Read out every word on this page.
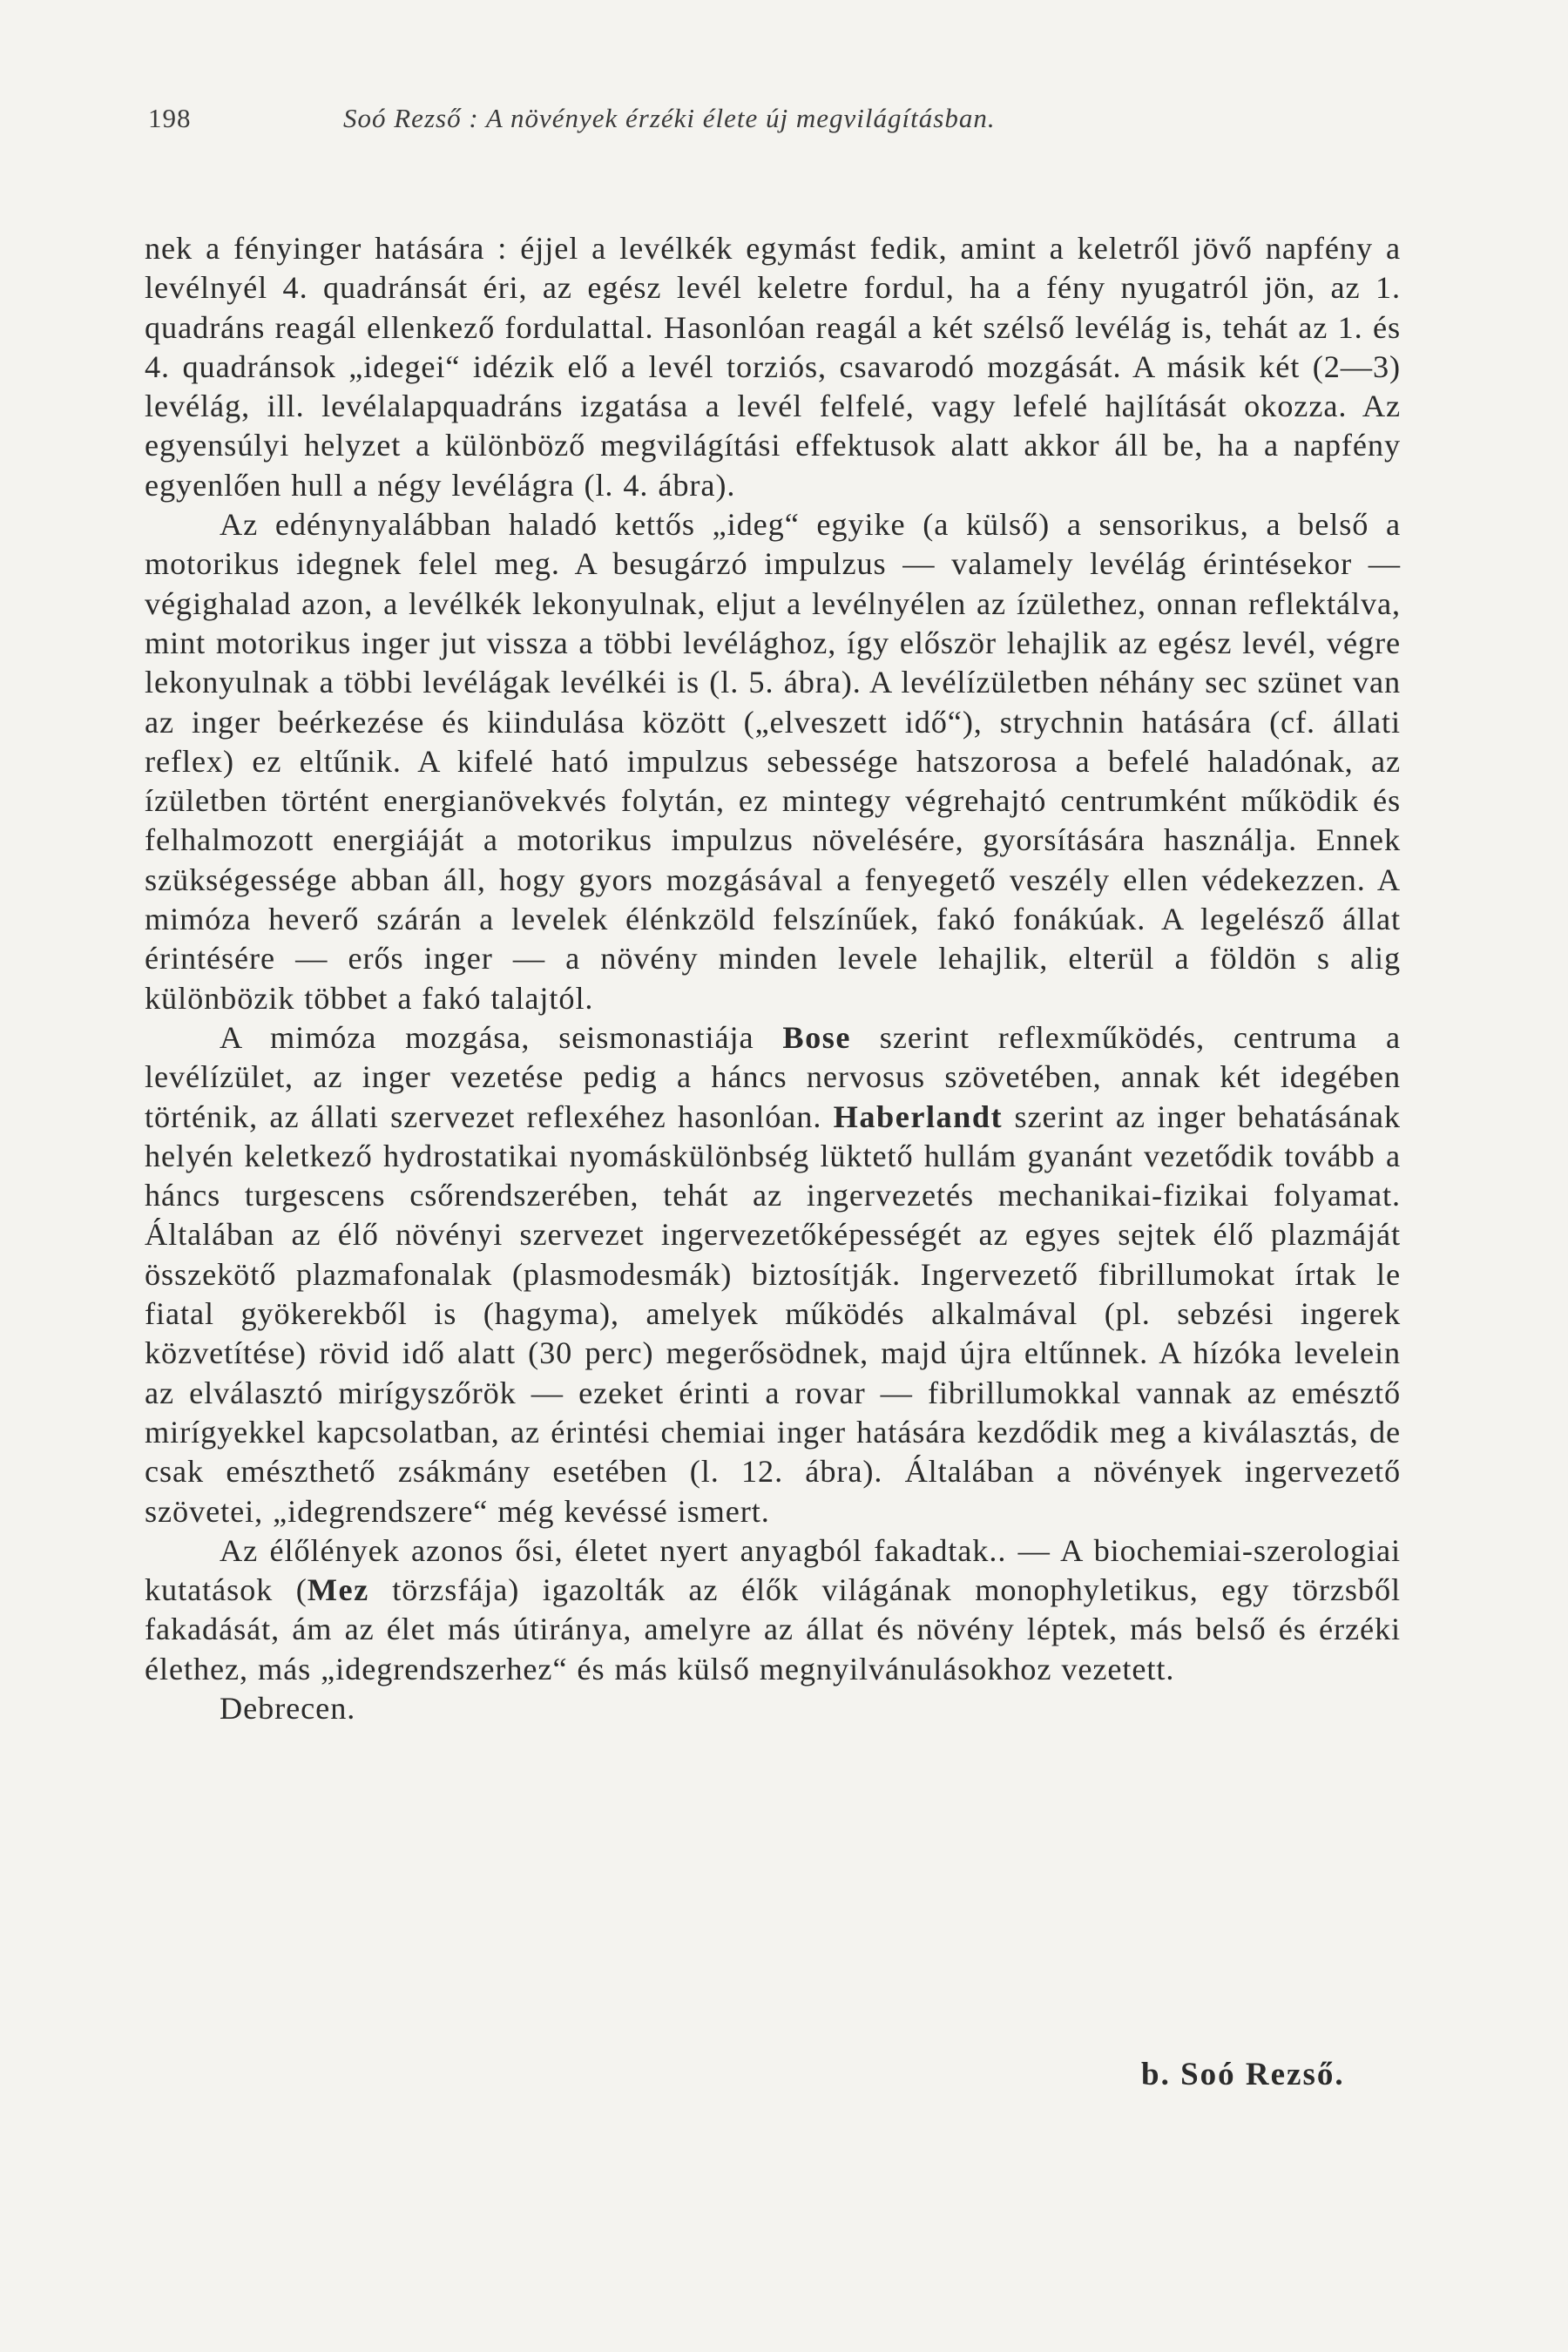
198	Soó Rezső : A növények érzéki élete új megvilágításban.

nek a fényinger hatására : éjjel a levélkék egymást fedik, amint a keletről jövő napfény a levélnyél 4. quadránsát éri, az egész levél keletre fordul, ha a fény nyugatról jön, az 1. quadráns reagál ellenkező fordulattal. Hasonlóan reagál a két szélső levélág is, tehát az 1. és 4. quadránsok „idegei“ idézik elő a levél torziós, csavarodó mozgását. A másik két (2—3) levélág, ill. levélalapquadráns izgatása a levél felfelé, vagy lefelé hajlítását okozza. Az egyensúlyi helyzet a különböző megvilágítási effektusok alatt akkor áll be, ha a napfény egyenlően hull a négy levélágra (l. 4. ábra).

Az edénynyalábban haladó kettős „ideg“ egyike (a külső) a sensorikus, a belső a motorikus idegnek felel meg. A besugárzó impulzus — valamely levélág érintésekor — végighalad azon, a levélkék lekonyulnak, eljut a levélnyélen az ízülethez, onnan reflektálva, mint motorikus inger jut vissza a többi levélághoz, így először lehajlik az egész levél, végre lekonyulnak a többi levélágak levélkéi is (l. 5. ábra). A levélízületben néhány sec szünet van az inger beérkezése és kiindulása között („elveszett idő“), strychnin hatására (cf. állati reflex) ez eltűnik. A kifelé ható impulzus sebessége hatszorosa a befelé haladónak, az ízületben történt energianövekvés folytán, ez mintegy végrehajtó centrumként működik és felhalmozott energiáját a motorikus impulzus növelésére, gyorsítására használja. Ennek szükségessége abban áll, hogy gyors mozgásával a fenyegető veszély ellen védekezzen. A mimóza heverő szárán a levelek élénkzöld felszínűek, fakó fonákúak. A legelésző állat érintésére — erős inger — a növény minden levele lehajlik, elterül a földön s alig különbözik többet a fakó talajtól.

A mimóza mozgása, seismonastiája Bose szerint reflexműködés, centruma a levélízület, az inger vezetése pedig a háncs nervosus szövetében, annak két idegében történik, az állati szervezet reflexéhez hasonlóan. Haberlandt szerint az inger behatásának helyén keletkező hydrostatikai nyomáskülönbség lüktető hullám gyanánt vezetődik tovább a háncs turgescens csőrendszerében, tehát az ingervezetés mechanikai-fizikai folyamat. Általában az élő növényi szervezet ingervezetőképességét az egyes sejtek élő plazmáját összekötő plazmafonalak (plasmodesmák) biztosítják. Ingervezető fibrillumokat írtak le fiatal gyökerekből is (hagyma), amelyek működés alkalmával (pl. sebzési ingerek közvetítése) rövid idő alatt (30 perc) megerősödnek, majd újra eltűnnek. A hízóka levelein az elválasztó mirígyszőrök — ezeket érinti a rovar — fibrillumokkal vannak az emésztő mirígyekkel kapcsolatban, az érintési chemiai inger hatására kezdődik meg a kiválasztás, de csak emészthető zsákmány esetében (l. 12. ábra). Általában a növények ingervezető szövetei, „idegrendszere“ még kevéssé ismert.

Az élőlények azonos ősi, életet nyert anyagból fakadtak.. — A biochemiai-szerologiai kutatások (Mez törzsfája) igazolták az élők világának monophyletikus, egy törzsből fakadását, ám az élet más útiránya, amelyre az állat és növény léptek, más belső és érzéki élethez, más „idegrendszerhez“ és más külső megnyilvánulásokhoz vezetett.

Debrecen.

b. Soó Rezső.
